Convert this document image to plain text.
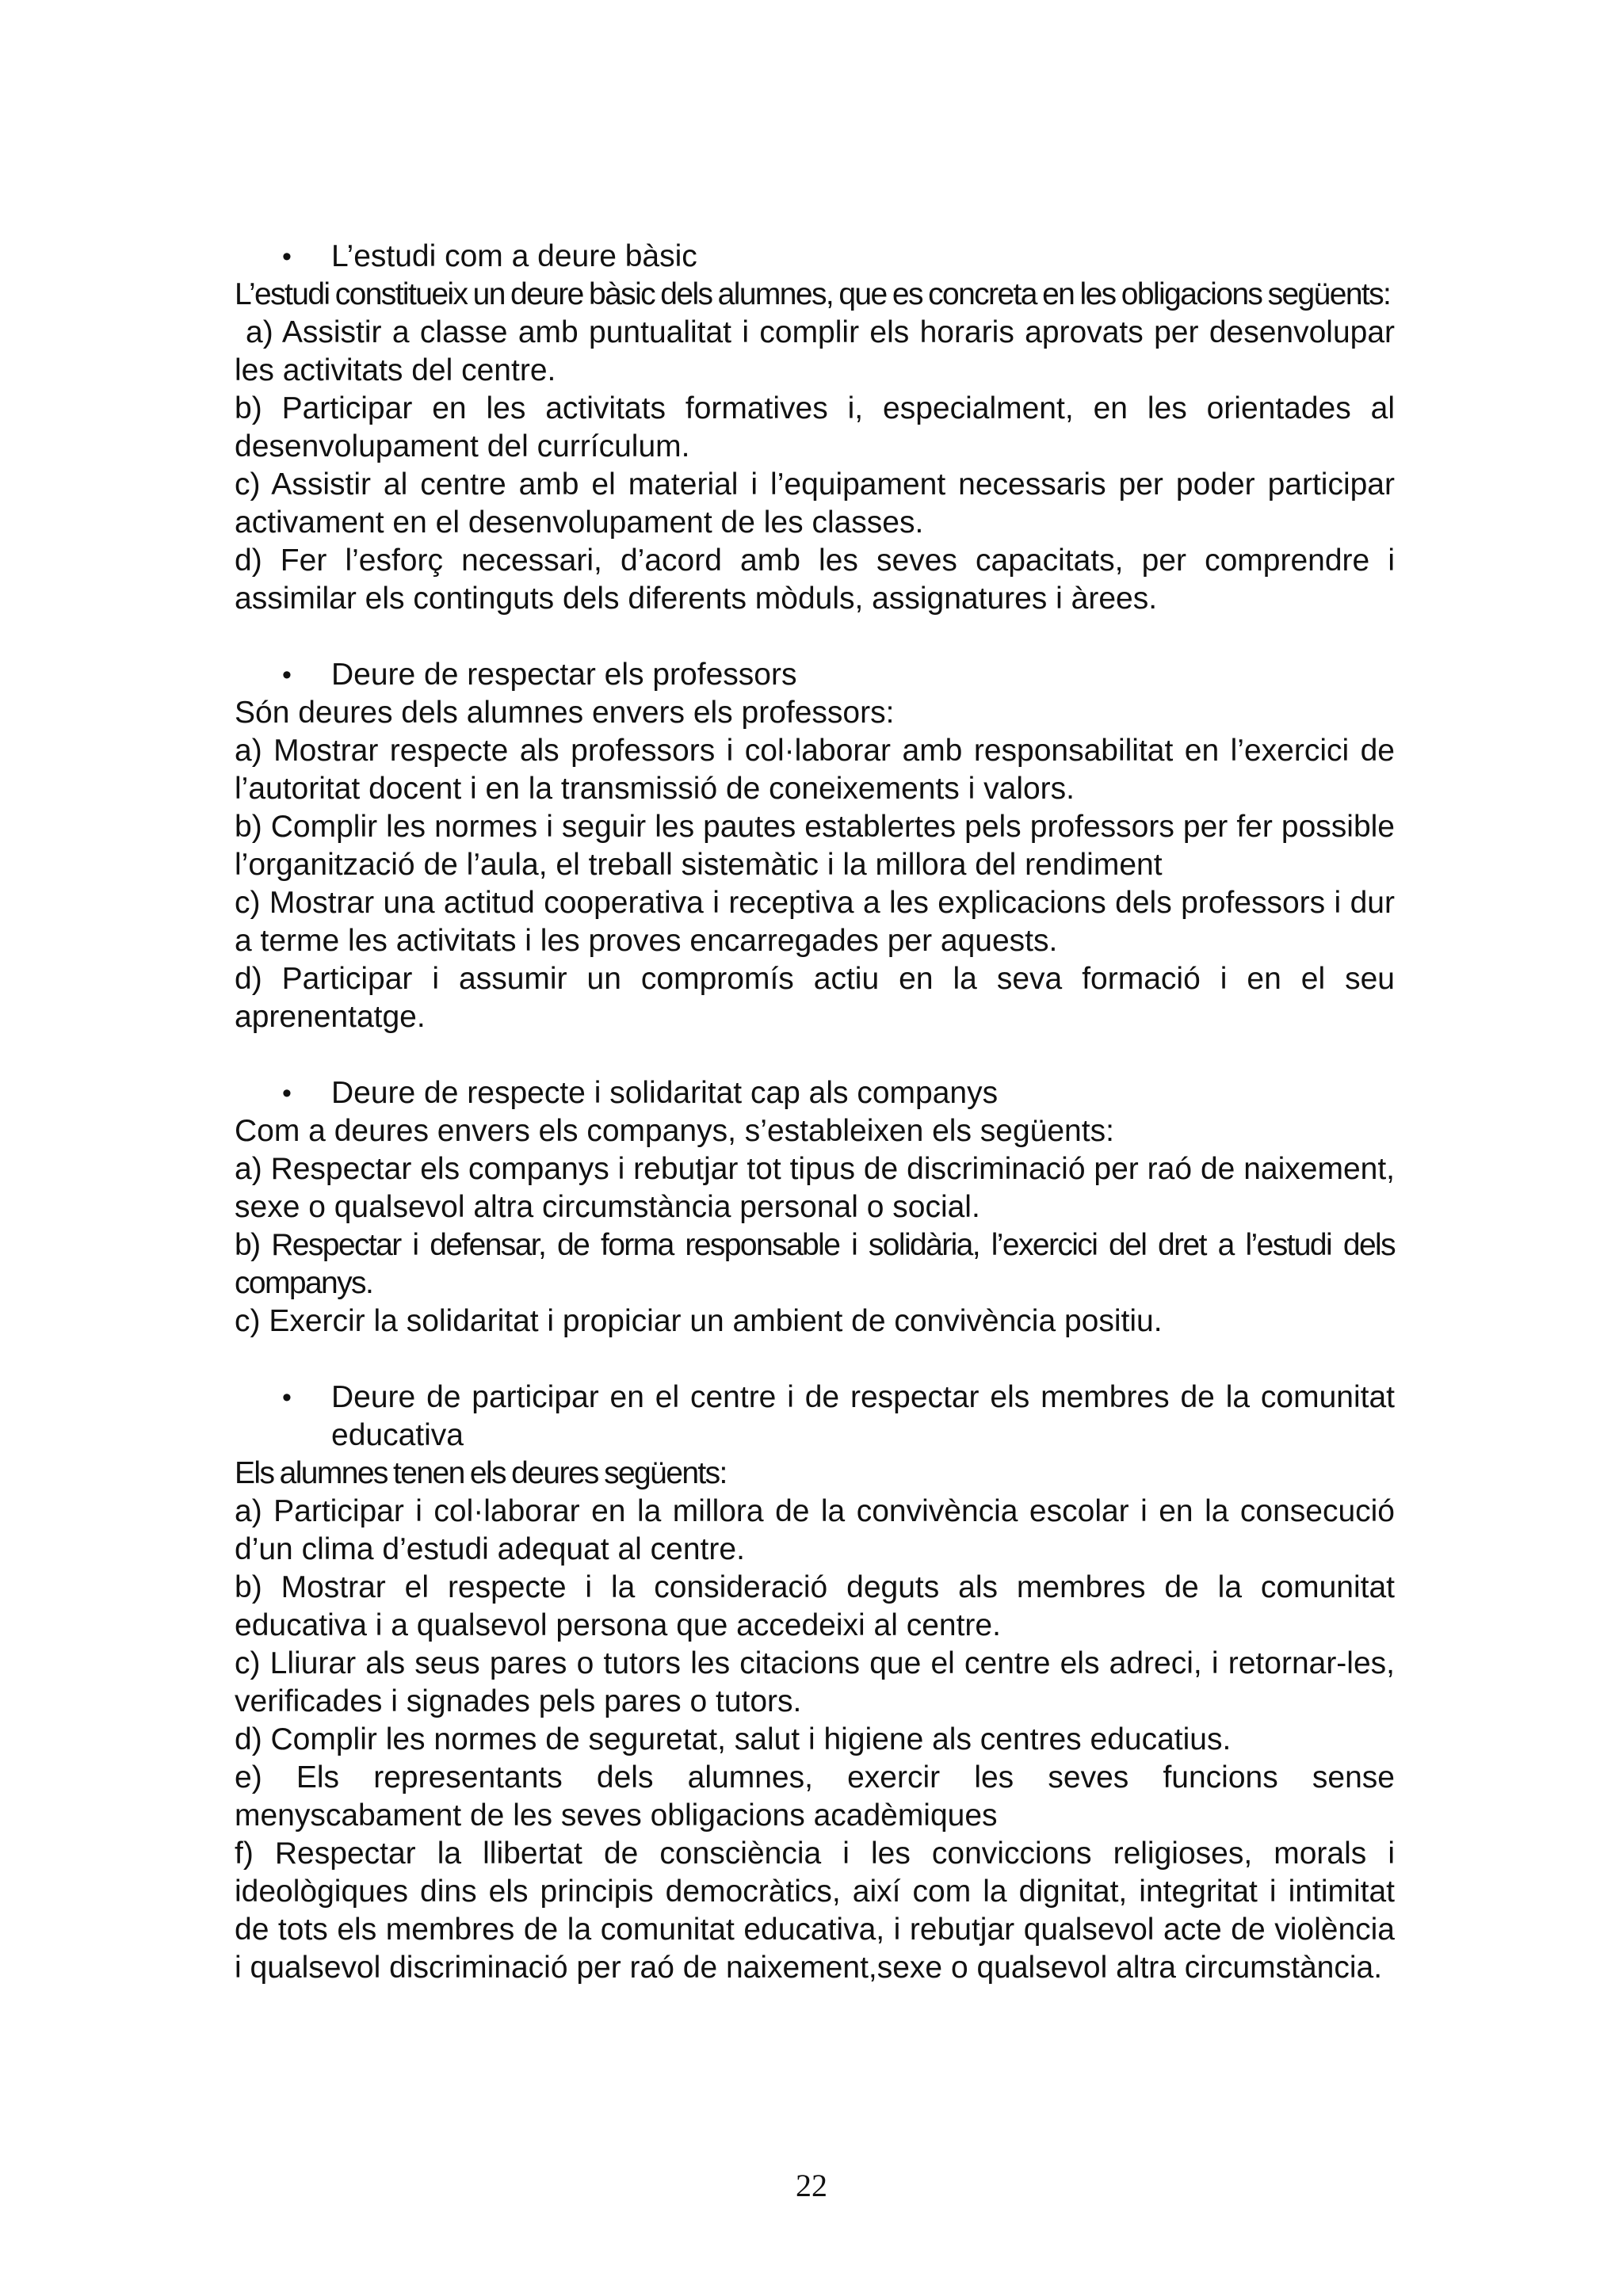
•	L’estudi com a deure bàsic

L’estudi constitueix un deure bàsic dels alumnes, que es concreta en les obligacions següents:

a) Assistir a classe amb puntualitat i complir els horaris aprovats per desenvolupar les activitats del centre.

b) Participar en les activitats formatives i, especialment, en les orientades al desenvolupament del currículum.

c) Assistir al centre amb el material i l’equipament necessaris per poder participar activament en el desenvolupament de les classes.

d) Fer l’esforç necessari, d’acord amb les seves capacitats, per comprendre i assimilar els continguts dels diferents mòduls, assignatures i àrees.

•	Deure de respectar els professors

Són deures dels alumnes envers els professors:

a) Mostrar respecte als professors i col·laborar amb responsabilitat en l’exercici de l’autoritat docent i en la transmissió de coneixements i valors.

b) Complir les normes i seguir les pautes establertes pels professors per fer possible l’organització de l’aula, el treball sistemàtic i la millora del rendiment

c) Mostrar una actitud cooperativa i receptiva a les explicacions dels professors i dur a terme les activitats i les proves encarregades per aquests.

d) Participar i assumir un compromís actiu en la seva formació i en el seu aprenentatge.

•	Deure de respecte i solidaritat cap als companys

Com a deures envers els companys, s’estableixen els següents:

a) Respectar els companys i rebutjar tot tipus de discriminació per raó de naixement, sexe o qualsevol altra circumstància personal o social.

b) Respectar i defensar, de forma responsable i solidària, l’exercici del dret a l’estudi dels companys.

c) Exercir la solidaritat i propiciar un ambient de convivència positiu.

•	Deure de participar en el centre i de respectar els membres de la comunitat educativa

Els alumnes tenen els deures següents:

a) Participar i col·laborar en la millora de la convivència escolar i en la consecució d’un clima d’estudi adequat al centre.

b) Mostrar el respecte i la consideració deguts als membres de la comunitat educativa i a qualsevol persona que accedeixi al centre.

c) Lliurar als seus pares o tutors les citacions que el centre els adreci, i retornar-les, verificades i signades pels pares o tutors.

d) Complir les normes de seguretat, salut i higiene als centres educatius.

e) Els representants dels alumnes, exercir les seves funcions sense menyscabament de les seves obligacions acadèmiques

f) Respectar la llibertat de consciència i les conviccions religioses, morals i ideològiques dins els principis democràtics, així com la dignitat, integritat i intimitat de tots els membres de la comunitat educativa, i rebutjar qualsevol acte de violència i qualsevol discriminació per raó de naixement,sexe o qualsevol altra circumstància.

22
